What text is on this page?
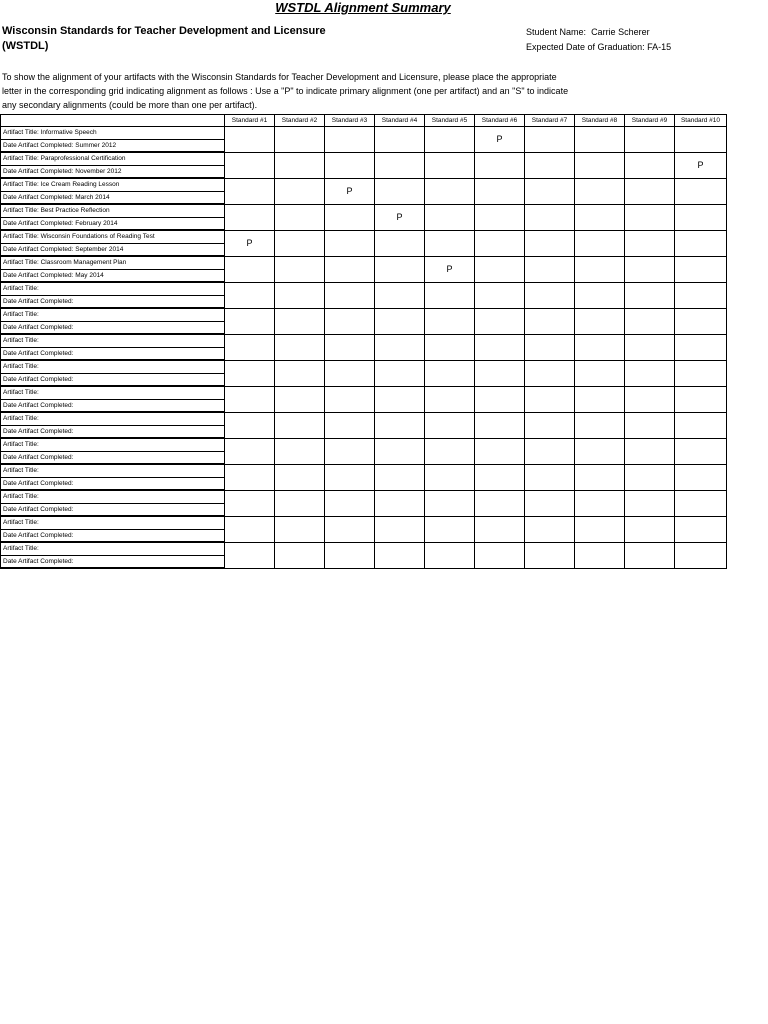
WSTDL Alignment Summary
Wisconsin Standards for Teacher Development and Licensure
(WSTDL)
Student Name: Carrie Scherer
Expected Date of Graduation: FA-15
To show the alignment of your artifacts with the Wisconsin Standards for Teacher Development and Licensure, please place the appropriate
letter in the corresponding grid indicating alignment as follows : Use a "P" to indicate primary alignment (one per artifact) and an "S" to indicate
any secondary alignments (could be more than one per artifact).
	Standard #1	Standard #2	Standard #3	Standard #4	Standard #5	Standard #6	Standard #7	Standard #8	Standard #9	Standard #10
Artifact Title: Informative Speech						P				
Date Artifact Completed: Summer 2012										
Artifact Title: Paraprofessional Certification										P
Date Artifact Completed: November 2012										
Artifact Title: Ice Cream Reading Lesson			P							
Date Artifact Completed: March 2014										
Artifact Title: Best Practice Reflection				P						
Date Artifact Completed: February 2014										
Artifact Title: Wisconsin Foundations of Reading Test	P									
Date Artifact Completed: September 2014										
Artifact Title: Classroom Management Plan					P					
Date Artifact Completed: May 2014										
Artifact Title:										
Date Artifact Completed:										
Artifact Title:										
Date Artifact Completed:										
Artifact Title:										
Date Artifact Completed:										
Artifact Title:										
Date Artifact Completed:										
Artifact Title:										
Date Artifact Completed:										
Artifact Title:										
Date Artifact Completed:										
Artifact Title:										
Date Artifact Completed:										
Artifact Title:										
Date Artifact Completed:										
Artifact Title:										
Date Artifact Completed:										
Artifact Title:										
Date Artifact Completed:										
Artifact Title:										
Date Artifact Completed:										
